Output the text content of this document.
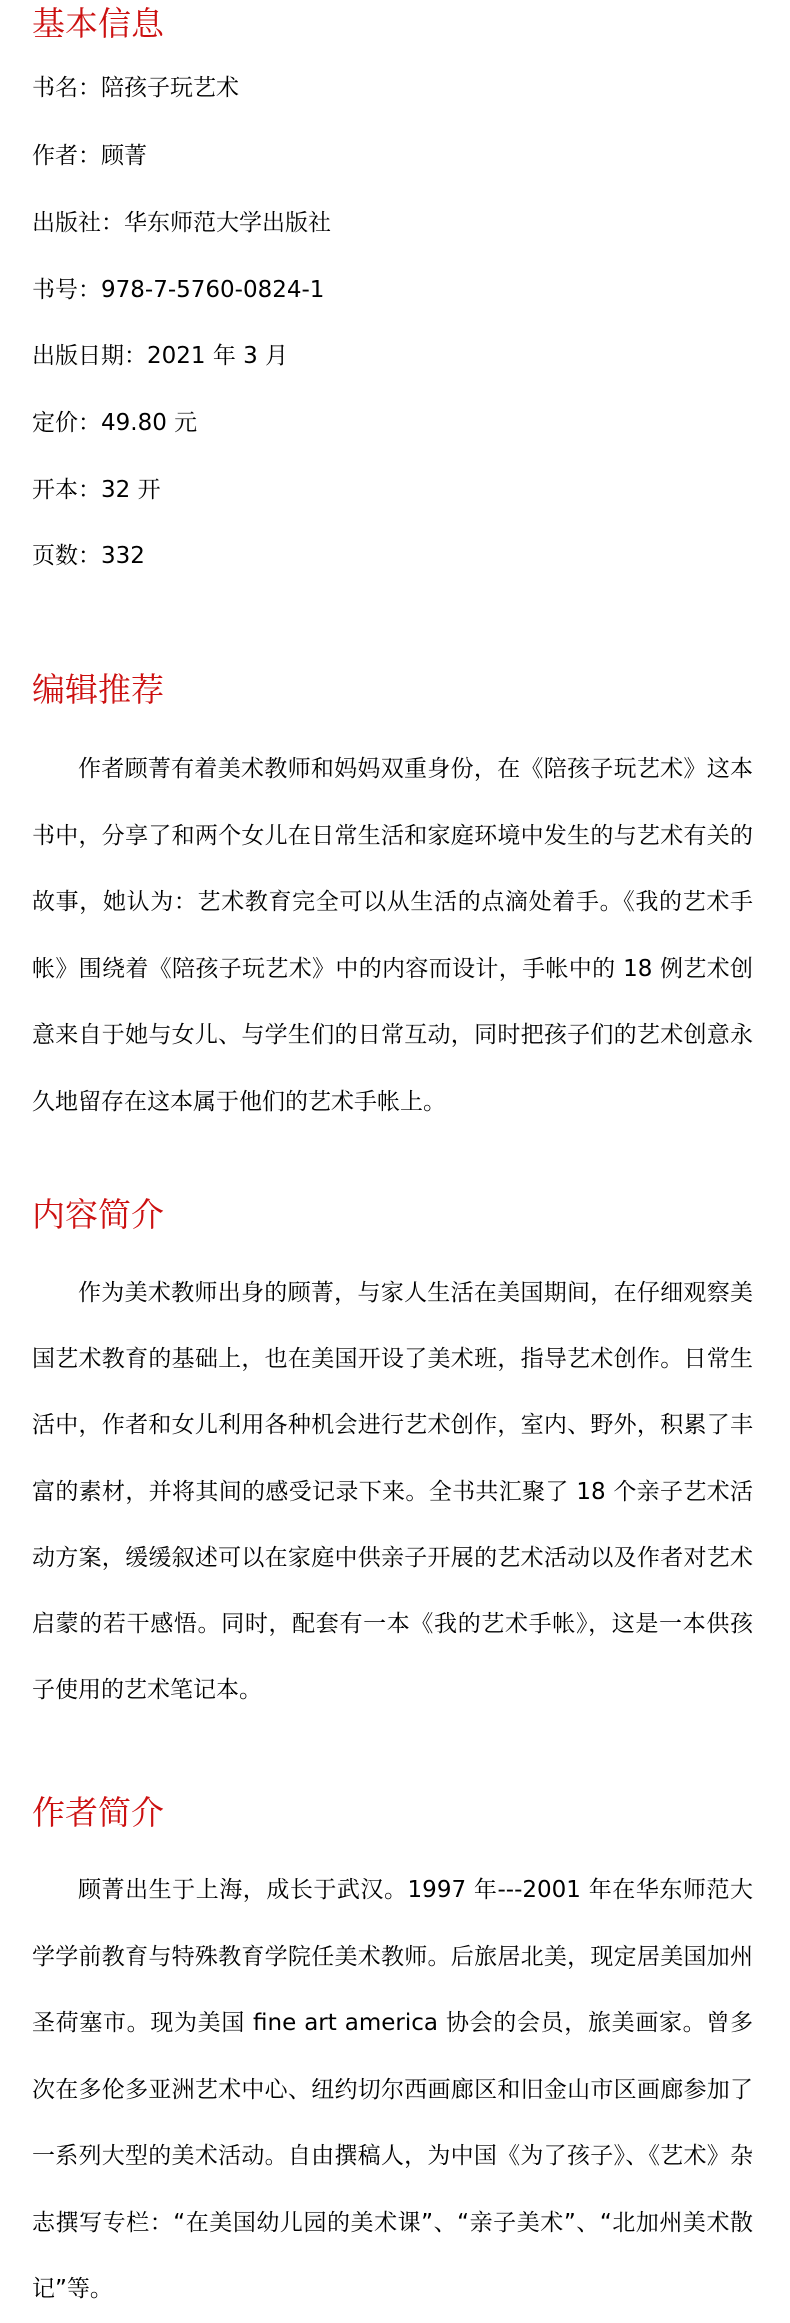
基本信息

书名：陪孩子玩艺术

作者：顾菁

出版社：华东师范大学出版社

书号：978-7-5760-0824-1

出版日期：2021 年 3 月

定价：49.80 元

开本：32 开

页数：332

编辑推荐

作者顾菁有着美术教师和妈妈双重身份，在《陪孩子玩艺术》这本书中，分享了和两个女儿在日常生活和家庭环境中发生的与艺术有关的故事，她认为：艺术教育完全可以从生活的点滴处着手。《我的艺术手帐》围绕着《陪孩子玩艺术》中的内容而设计，手帐中的 18 例艺术创意来自于她与女儿、与学生们的日常互动，同时把孩子们的艺术创意永久地留存在这本属于他们的艺术手帐上。

内容简介

作为美术教师出身的顾菁，与家人生活在美国期间，在仔细观察美国艺术教育的基础上，也在美国开设了美术班，指导艺术创作。日常生活中，作者和女儿利用各种机会进行艺术创作，室内、野外，积累了丰富的素材，并将其间的感受记录下来。全书共汇聚了 18 个亲子艺术活动方案，缓缓叙述可以在家庭中供亲子开展的艺术活动以及作者对艺术启蒙的若干感悟。同时，配套有一本《我的艺术手帐》，这是一本供孩子使用的艺术笔记本。

作者简介

顾菁出生于上海，成长于武汉。1997 年---2001 年在华东师范大学学前教育与特殊教育学院任美术教师。后旅居北美，现定居美国加州圣荷塞市。现为美国 fine art america 协会的会员，旅美画家。曾多次在多伦多亚洲艺术中心、纽约切尔西画廊区和旧金山市区画廊参加了一系列大型的美术活动。自由撰稿人，为中国《为了孩子》、《艺术》杂志撰写专栏：“在美国幼儿园的美术课”、“亲子美术”、“北加州美术散记”等。
